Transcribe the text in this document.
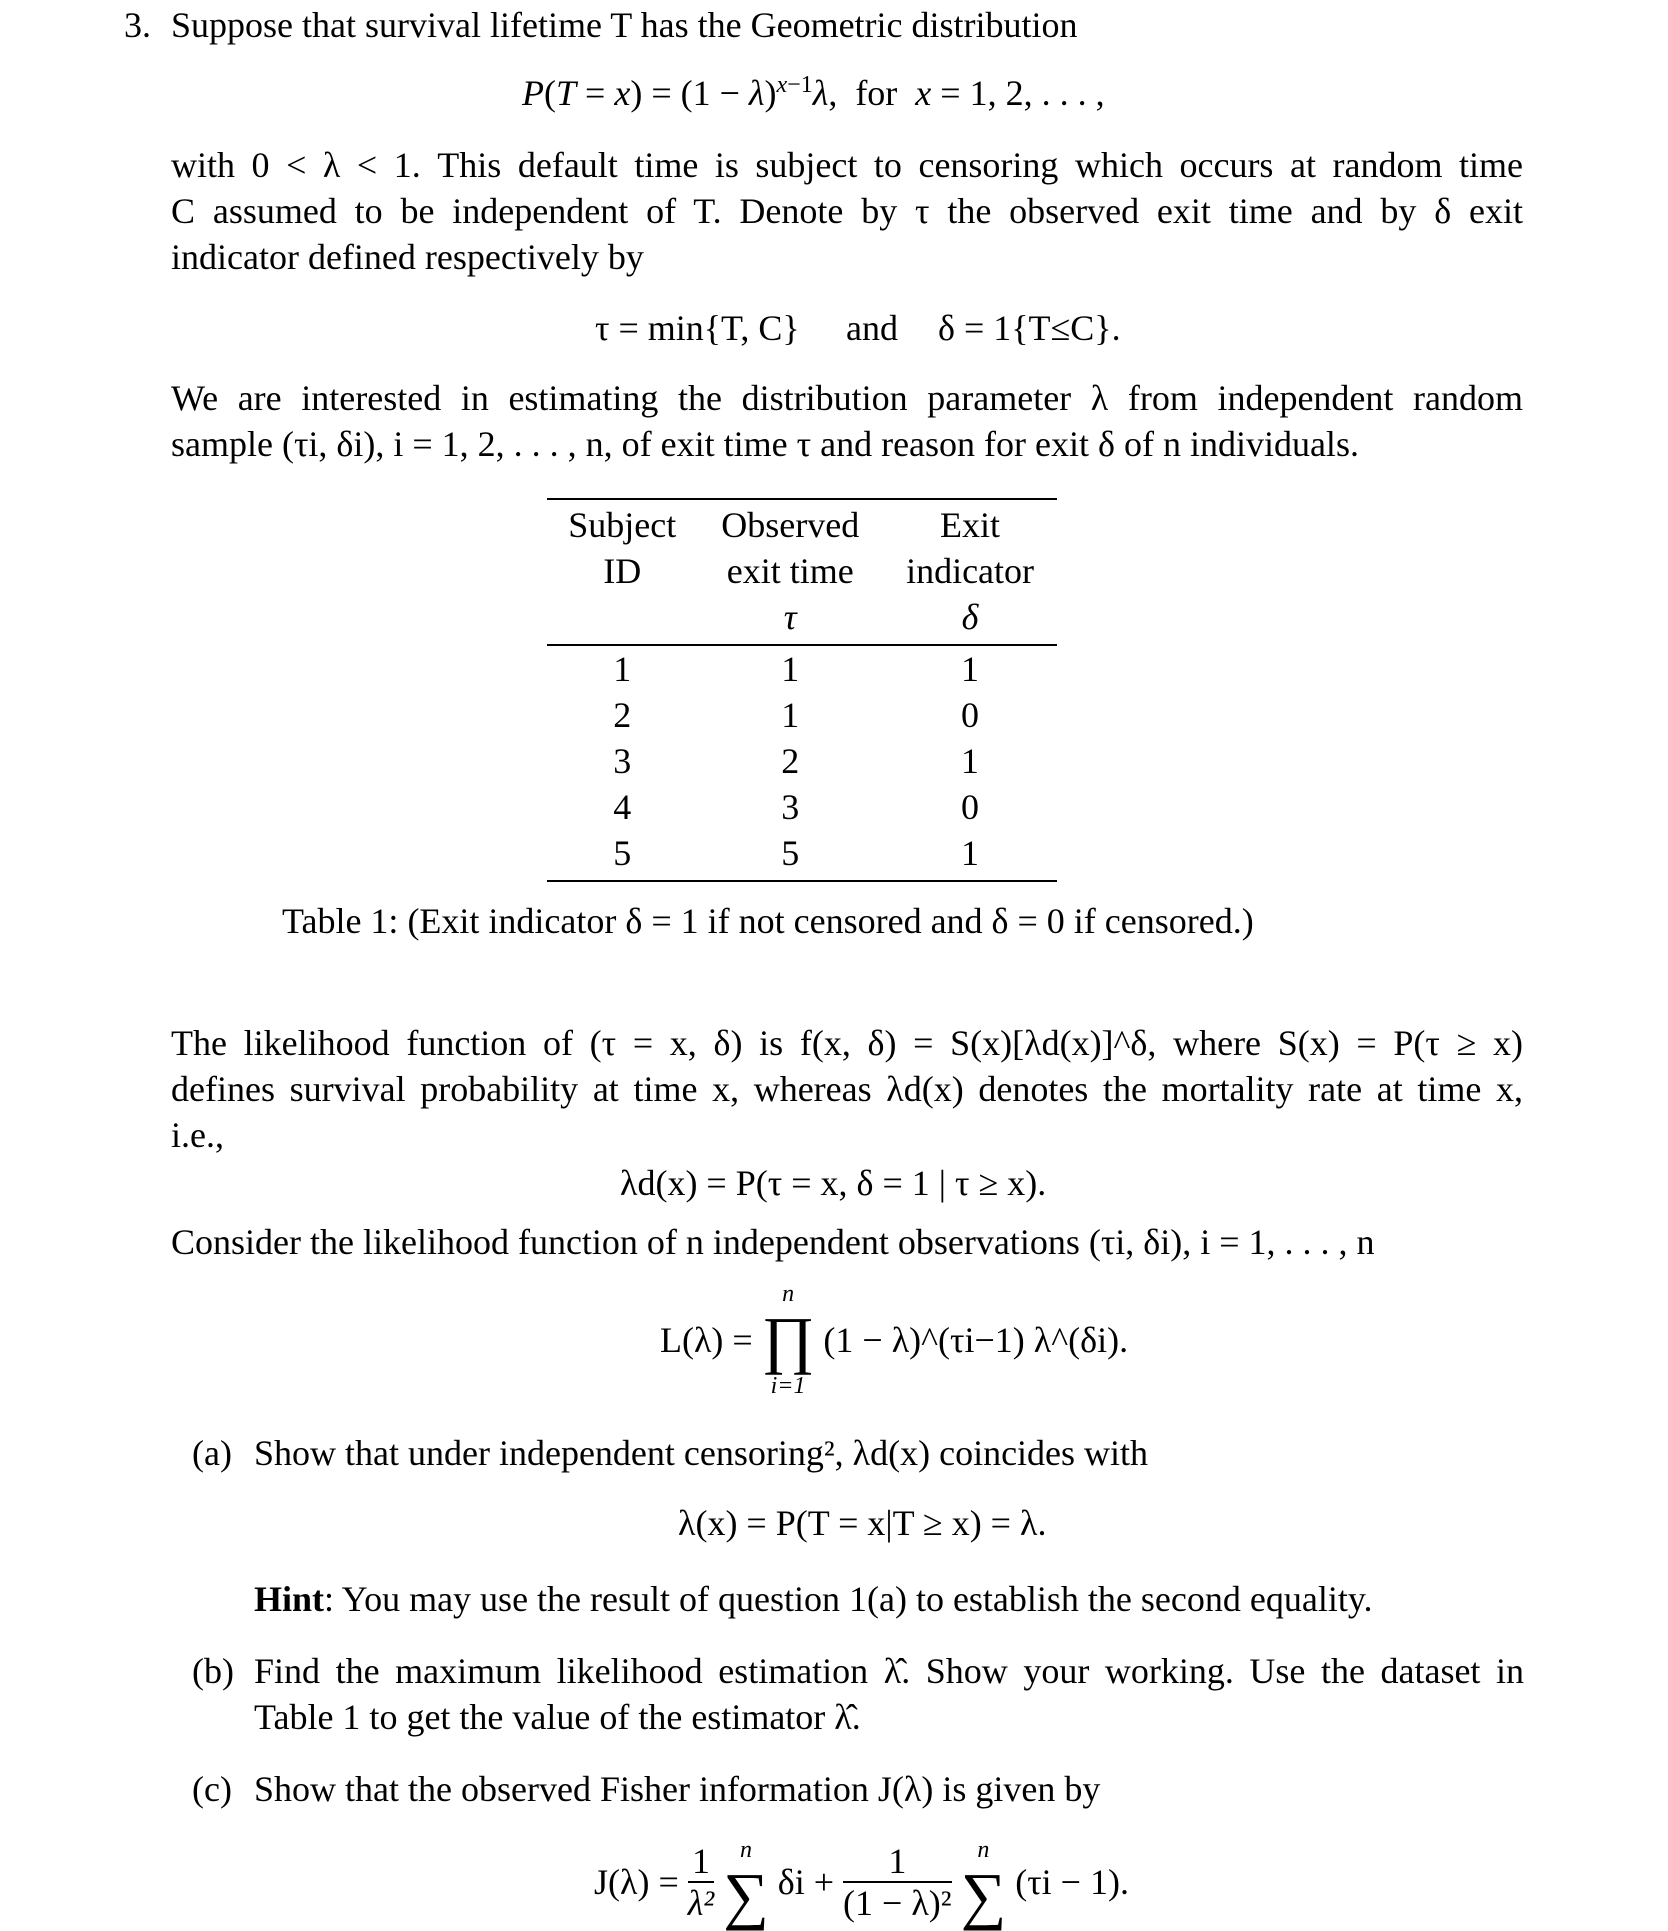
3. Suppose that survival lifetime T has the Geometric distribution
$P(T = x) = (1 - \lambda)^{x-1}\lambda$,  for  x = 1, 2, . . . ,
with 0 < λ < 1. This default time is subject to censoring which occurs at random time
C assumed to be independent of T. Denote by τ the observed exit time and by δ exit
indicator defined respectively by
τ = min{T, C} and δ = 1{T≤C}.
We are interested in estimating the distribution parameter λ from independent random
sample (τi, δi), i = 1, 2, . . . , n, of exit time τ and reason for exit δ of n individuals.
Subject	Observed	Exit
ID	exit time	indicator
	τ	δ
1	1	1
2	1	0
3	2	1
4	3	0
5	5	1
Table 1: (Exit indicator δ = 1 if not censored and δ = 0 if censored.)
The likelihood function of (τ = x, δ) is f(x, δ) = S(x)[λd(x)]^δ, where S(x) = P(τ ≥ x)
defines survival probability at time x, whereas λd(x) denotes the mortality rate at time x,
i.e.,
λd(x) = P(τ = x, δ = 1 | τ ≥ x).
Consider the likelihood function of n independent observations (τi, δi), i = 1, . . . , n
L(λ) =
n
∏
i=1
(1 − λ)^(τi−1) λ^(δi).
(a) Show that under independent censoring², λd(x) coincides with
λ(x) = P(T = x|T ≥ x) = λ.
Hint: You may use the result of question 1(a) to establish the second equality.
(b) Find the maximum likelihood estimation λ̂. Show your working. Use the dataset in
Table 1 to get the value of the estimator λ̂.
(c) Show that the observed Fisher information J(λ) is given by
$J(\lambda) = \frac{1}{\text{λ²}}$
	n
∑ $\delta i + \frac{1}{\text{(1 − λ)²}}$
	n
∑ (τi − 1).
